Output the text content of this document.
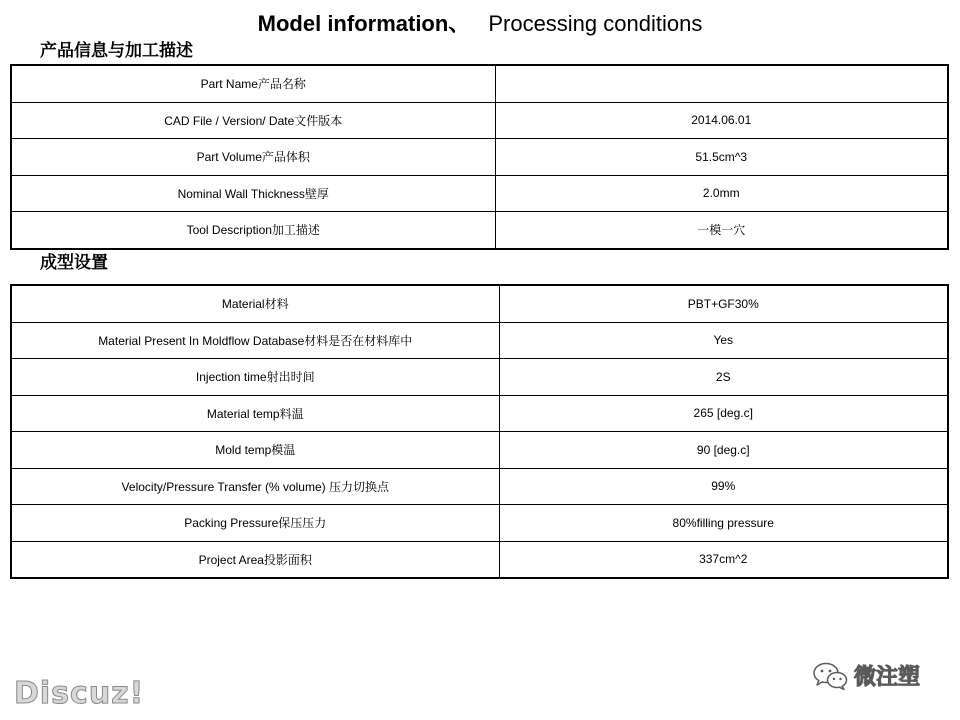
Model information、 Processing conditions
产品信息与加工描述
Part Name产品名称	
CAD File / Version/ Date文件版本	2014.06.01
Part Volume产品体积	51.5cm^3
Nominal Wall Thickness壁厚	2.0mm
Tool Description加工描述	一模一穴
成型设置
Material材料	PBT+GF30%
Material Present In Moldflow Database材料是否在材料库中	Yes
Injection time射出时间	2S
Material temp料温	265 [deg.c]
Mold temp模温	90 [deg.c]
Velocity/Pressure Transfer (% volume) 压力切换点	99%
Packing Pressure保压压力	80%filling pressure
Project Area投影面积	337cm^2
Discuz!	微注塑
